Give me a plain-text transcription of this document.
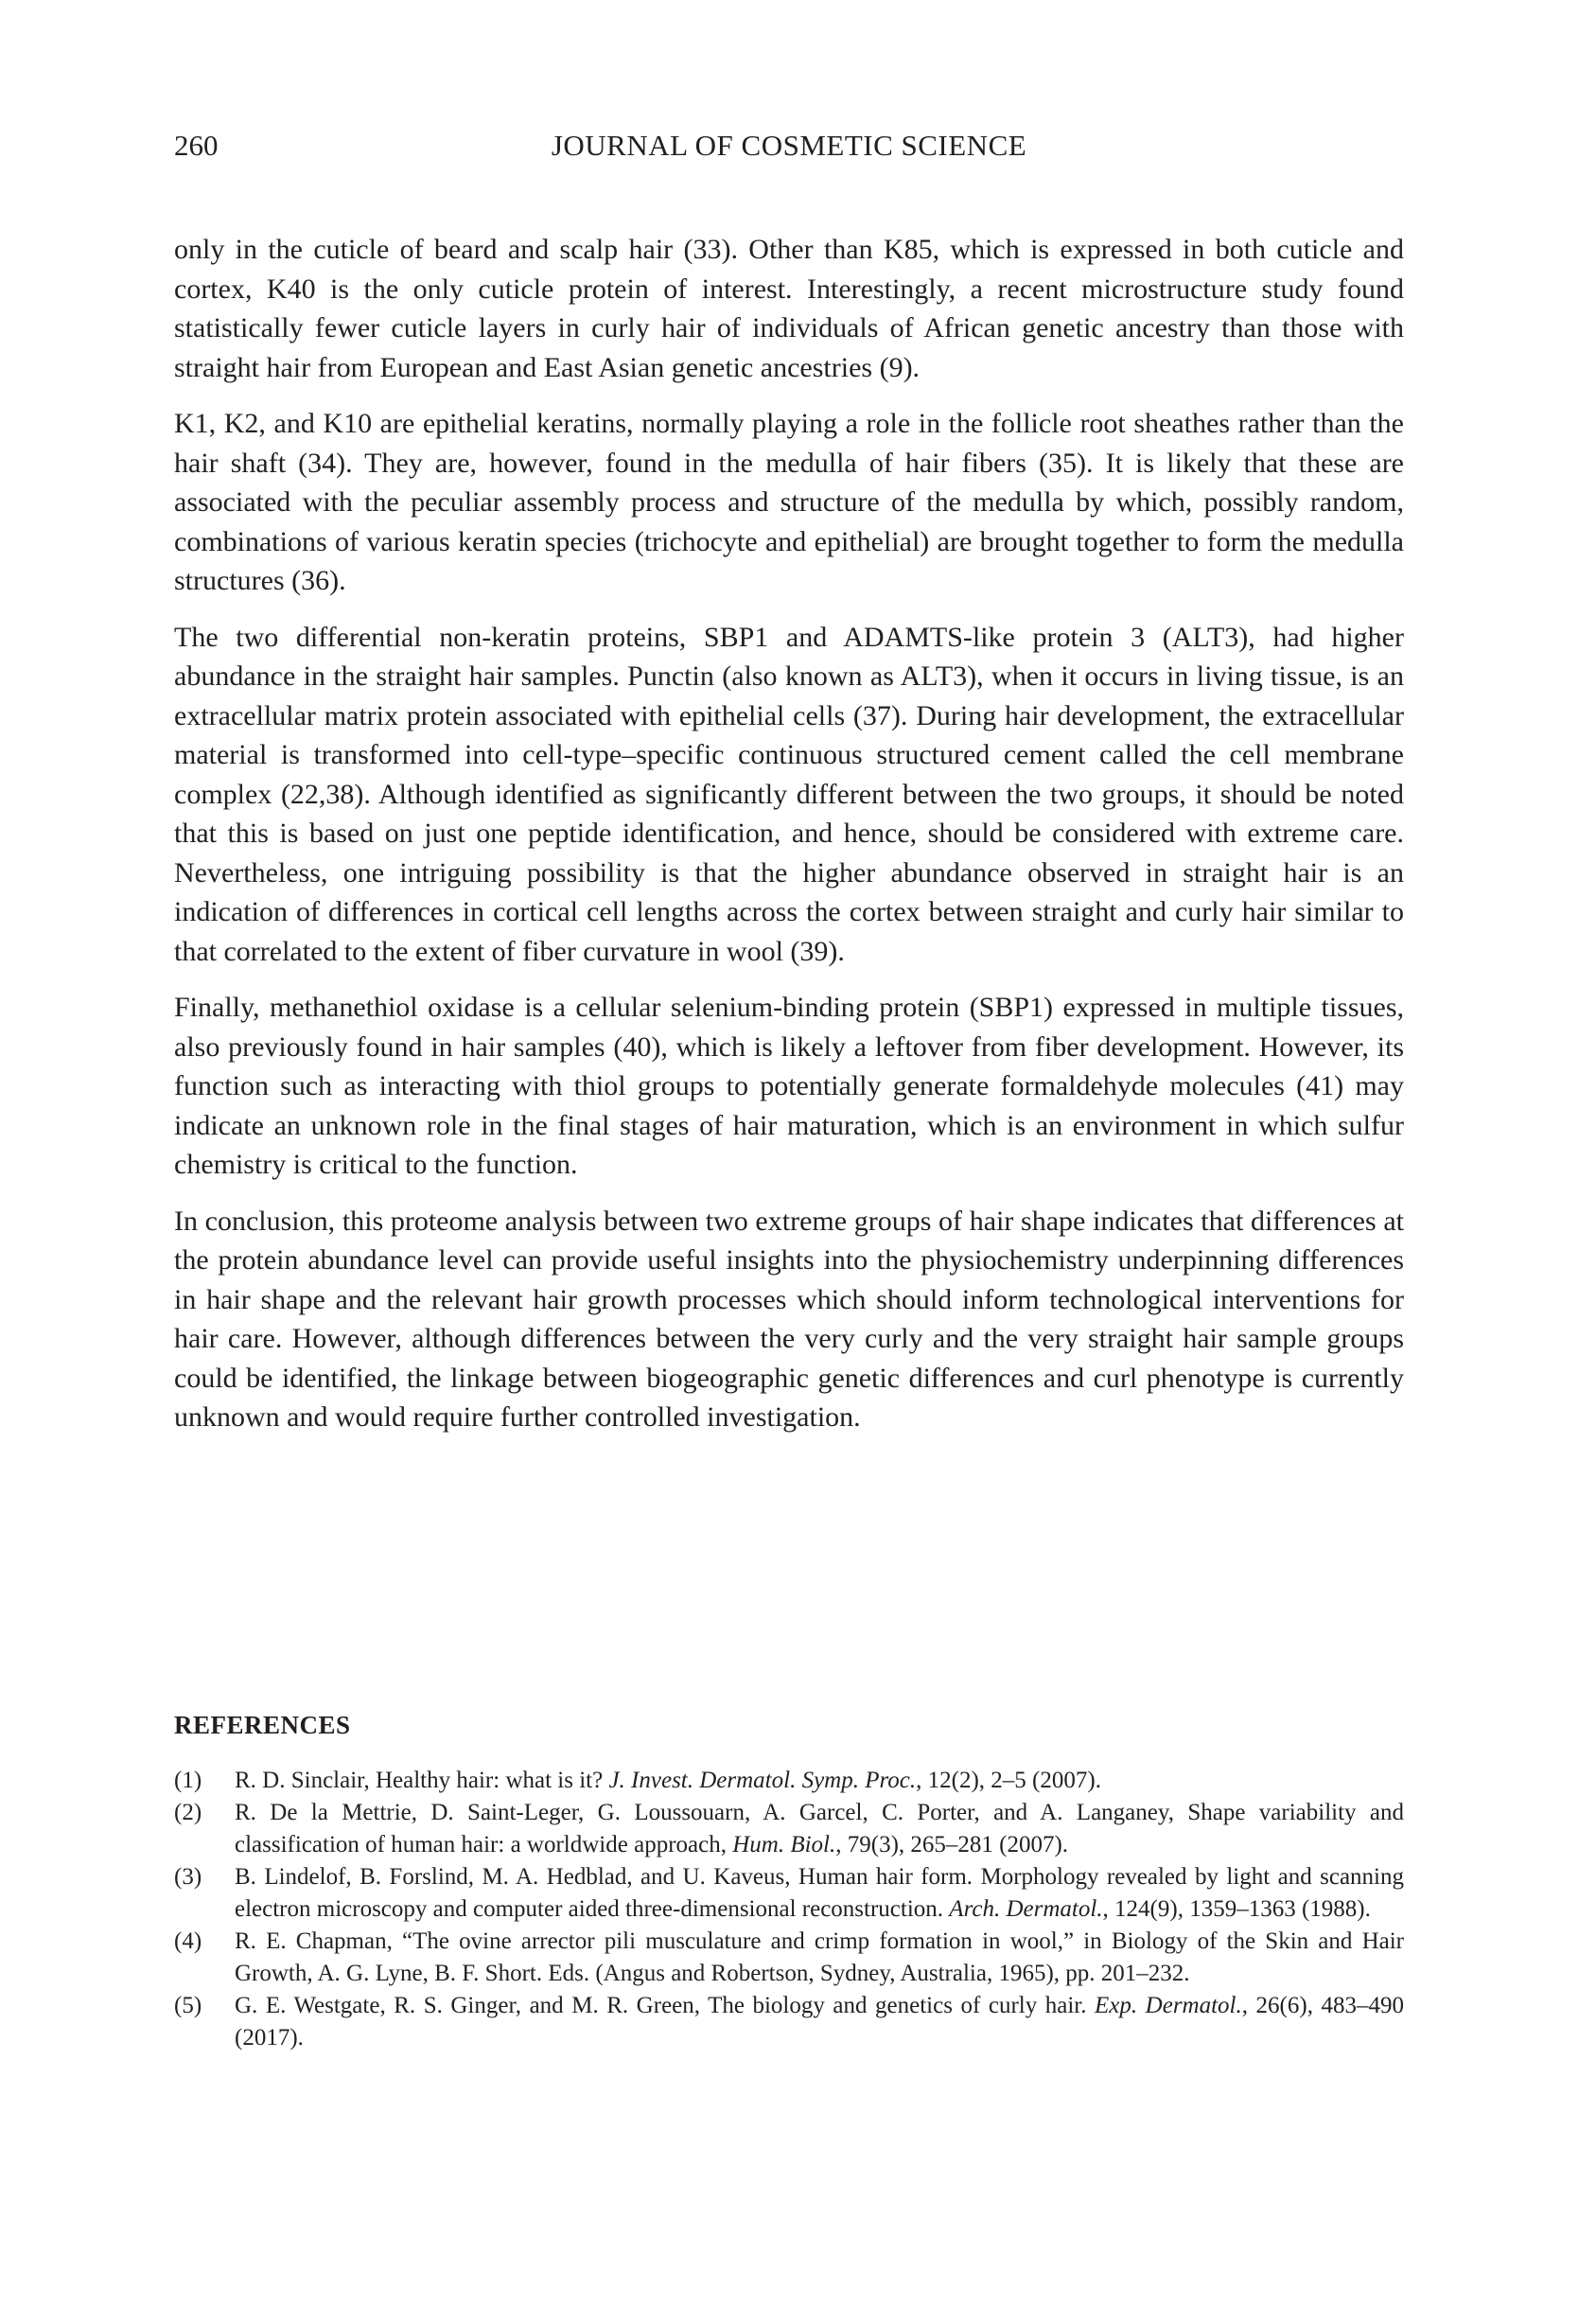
260	JOURNAL OF COSMETIC SCIENCE

only in the cuticle of beard and scalp hair (33). Other than K85, which is expressed in both cuticle and cortex, K40 is the only cuticle protein of interest. Interestingly, a recent microstructure study found statistically fewer cuticle layers in curly hair of individuals of African genetic ancestry than those with straight hair from European and East Asian genetic ancestries (9).

K1, K2, and K10 are epithelial keratins, normally playing a role in the follicle root sheathes rather than the hair shaft (34). They are, however, found in the medulla of hair fibers (35). It is likely that these are associated with the peculiar assembly process and structure of the medulla by which, possibly random, combinations of various keratin species (trichocyte and epithelial) are brought together to form the medulla structures (36).

The two differential non-keratin proteins, SBP1 and ADAMTS-like protein 3 (ALT3), had higher abundance in the straight hair samples. Punctin (also known as ALT3), when it occurs in living tissue, is an extracellular matrix protein associated with epithelial cells (37). During hair development, the extracellular material is transformed into cell-type–specific continuous structured cement called the cell membrane complex (22,38). Although identified as significantly different between the two groups, it should be noted that this is based on just one peptide identification, and hence, should be considered with extreme care. Nevertheless, one intriguing possibility is that the higher abundance observed in straight hair is an indication of differences in cortical cell lengths across the cortex between straight and curly hair similar to that correlated to the extent of fiber curvature in wool (39).

Finally, methanethiol oxidase is a cellular selenium-binding protein (SBP1) expressed in multiple tissues, also previously found in hair samples (40), which is likely a leftover from fiber development. However, its function such as interacting with thiol groups to potentially generate formaldehyde molecules (41) may indicate an unknown role in the final stages of hair maturation, which is an environment in which sulfur chemistry is critical to the function.

In conclusion, this proteome analysis between two extreme groups of hair shape indicates that differences at the protein abundance level can provide useful insights into the physiochemistry underpinning differences in hair shape and the relevant hair growth processes which should inform technological interventions for hair care. However, although differences between the very curly and the very straight hair sample groups could be identified, the linkage between biogeographic genetic differences and curl phenotype is currently unknown and would require further controlled investigation.

REFERENCES
(1)	R. D. Sinclair, Healthy hair: what is it? J. Invest. Dermatol. Symp. Proc., 12(2), 2–5 (2007).
(2)	R. De la Mettrie, D. Saint-Leger, G. Loussouarn, A. Garcel, C. Porter, and A. Langaney, Shape variability and classification of human hair: a worldwide approach, Hum. Biol., 79(3), 265–281 (2007).
(3)	B. Lindelof, B. Forslind, M. A. Hedblad, and U. Kaveus, Human hair form. Morphology revealed by light and scanning electron microscopy and computer aided three-dimensional reconstruction. Arch. Dermatol., 124(9), 1359–1363 (1988).
(4)	R. E. Chapman, “The ovine arrector pili musculature and crimp formation in wool,” in Biology of the Skin and Hair Growth, A. G. Lyne, B. F. Short. Eds. (Angus and Robertson, Sydney, Australia, 1965), pp. 201–232.
(5)	G. E. Westgate, R. S. Ginger, and M. R. Green, The biology and genetics of curly hair. Exp. Dermatol., 26(6), 483–490 (2017).
